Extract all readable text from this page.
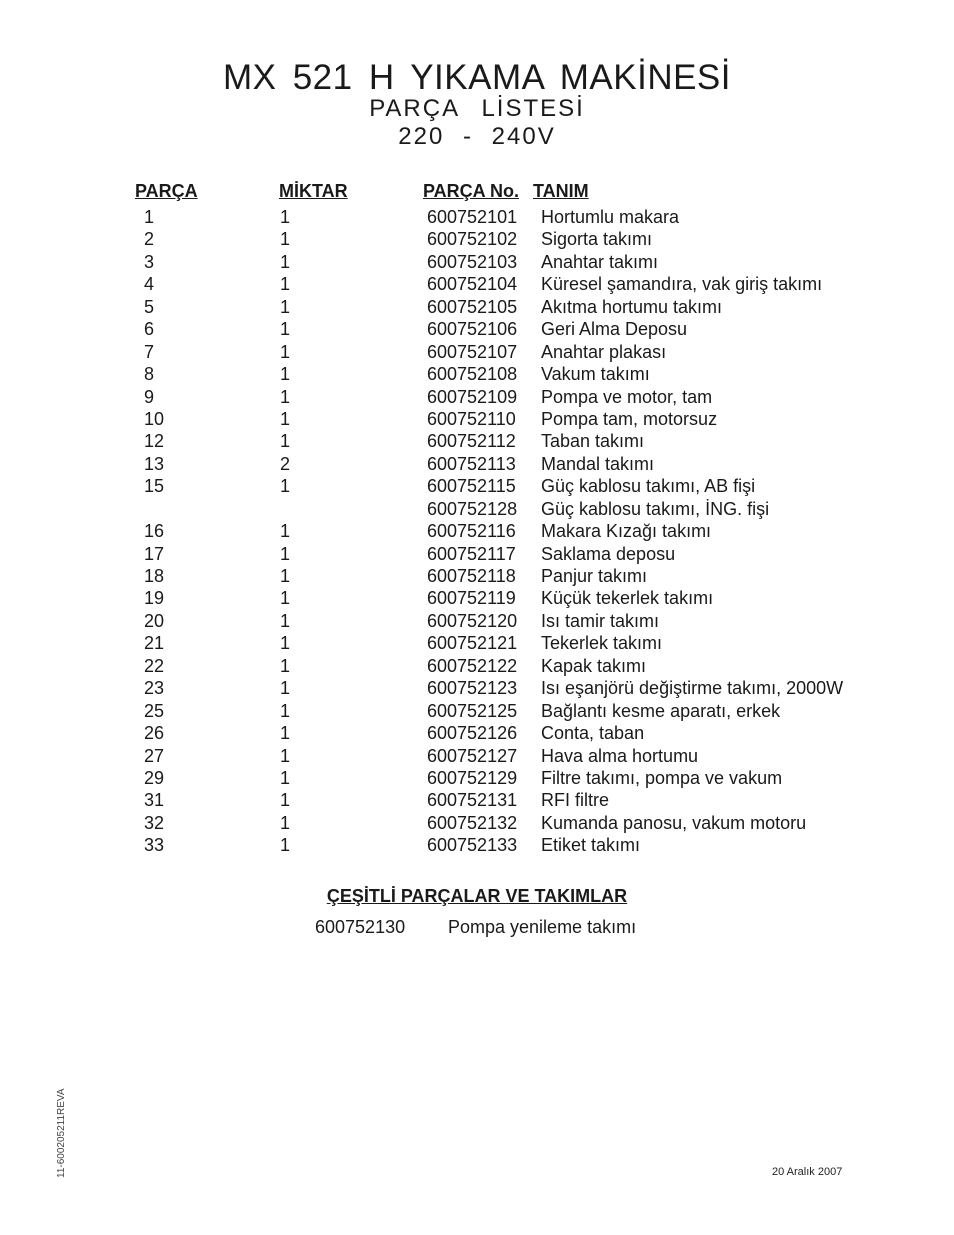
MX 521 H YIKAMA MAKİNESİ
PARÇA LİSTESİ
220 - 240V
PARÇA	MİKTAR	PARÇA No. TANIM
1	1	600752101 Hortumlu makara
2	1	600752102 Sigorta takımı
3	1	600752103 Anahtar takımı
4	1	600752104 Küresel şamandıra, vak giriş takımı
5	1	600752105 Akıtma hortumu takımı
6	1	600752106 Geri Alma Deposu
7	1	600752107 Anahtar plakası
8	1	600752108 Vakum takımı
9	1	600752109 Pompa ve motor, tam
10	1	600752110 Pompa tam, motorsuz
12	1	600752112 Taban takımı
13	2	600752113 Mandal takımı
15	1	600752115 Güç kablosu takımı, AB fişi
600752128 Güç kablosu takımı, İNG. fişi
16	1	600752116 Makara Kızağı takımı
17	1	600752117 Saklama deposu
18	1	600752118 Panjur takımı
19	1	600752119 Küçük tekerlek takımı
20	1	600752120 Isı tamir takımı
21	1	600752121 Tekerlek takımı
22	1	600752122 Kapak takımı
23	1	600752123 Isı eşanjörü değiştirme takımı, 2000W
25	1	600752125 Bağlantı kesme aparatı, erkek
26	1	600752126 Conta, taban
27	1	600752127 Hava alma hortumu
29	1	600752129 Filtre takımı, pompa ve vakum
31	1	600752131 RFI filtre
32	1	600752132 Kumanda panosu, vakum motoru
33	1	600752133 Etiket takımı
ÇEŞİTLİ PARÇALAR VE TAKIMLAR
600752130 Pompa yenileme takımı
11-600205211REVA	20 Aralık 2007
